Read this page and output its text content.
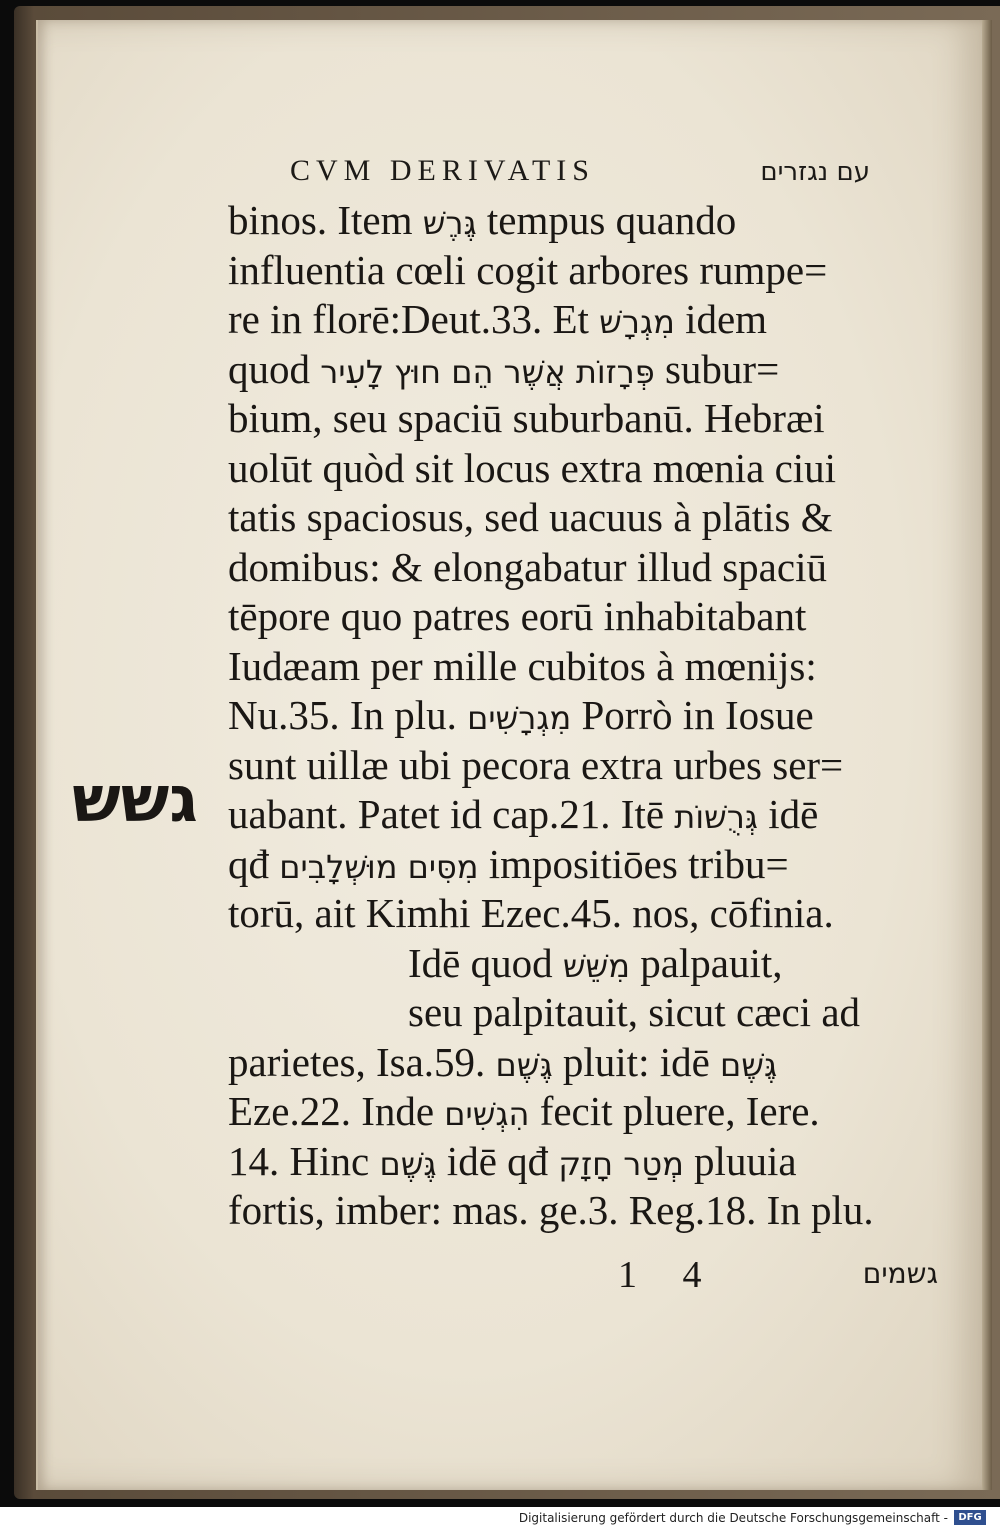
CVM DERIVATIS	עם נגזרים
binos. Item גֶּרֶשׁ tempus quando
influentia cœli cogit arbores rumpe=
re in florē:Deut.33. Et מִגְרָשׁ idem
quod פְּרָזוֹת אֲשֶׁר הֵם חוּץ לָעִיר subur=
bium, seu spaciū suburbanū. Hebræi
uolūt quòd sit locus extra mœnia ciui
tatis spaciosus, sed uacuus à plātis &
domibus: & elongabatur illud spaciū
tēpore quo patres eorū inhabitabant
Iudæam per mille cubitos à mœnijs:
Nu.35. In plu. מִגְרָשִׁים Porrò in Iosue
sunt uillæ ubi pecora extra urbes ser=
uabant. Patet id cap.21. Itē גְּרֻשׁוֹת idē
qđ מִסִּים מוּשְׁלָבִים impositiōes tribu=
torū, ait Kimhi Ezec.45. nos, cōfinia.
Idē quod מִשֵּׁשׁ palpauit,
seu palpitauit, sicut cæci ad
parietes, Isa.59. גֶּשֶׁם pluit: idē גֶּשֶׁם
Eze.22. Inde הִגְשִׁים fecit pluere, Iere.
14. Hinc גֶּשֶׁם idē qđ מְטַר חָזָק pluuia
fortis, imber: mas. ge.3. Reg.18. In plu.
גשש
1 4	גשמים
Digitalisierung gefördert durch die Deutsche Forschungsgemeinschaft -	DFG
